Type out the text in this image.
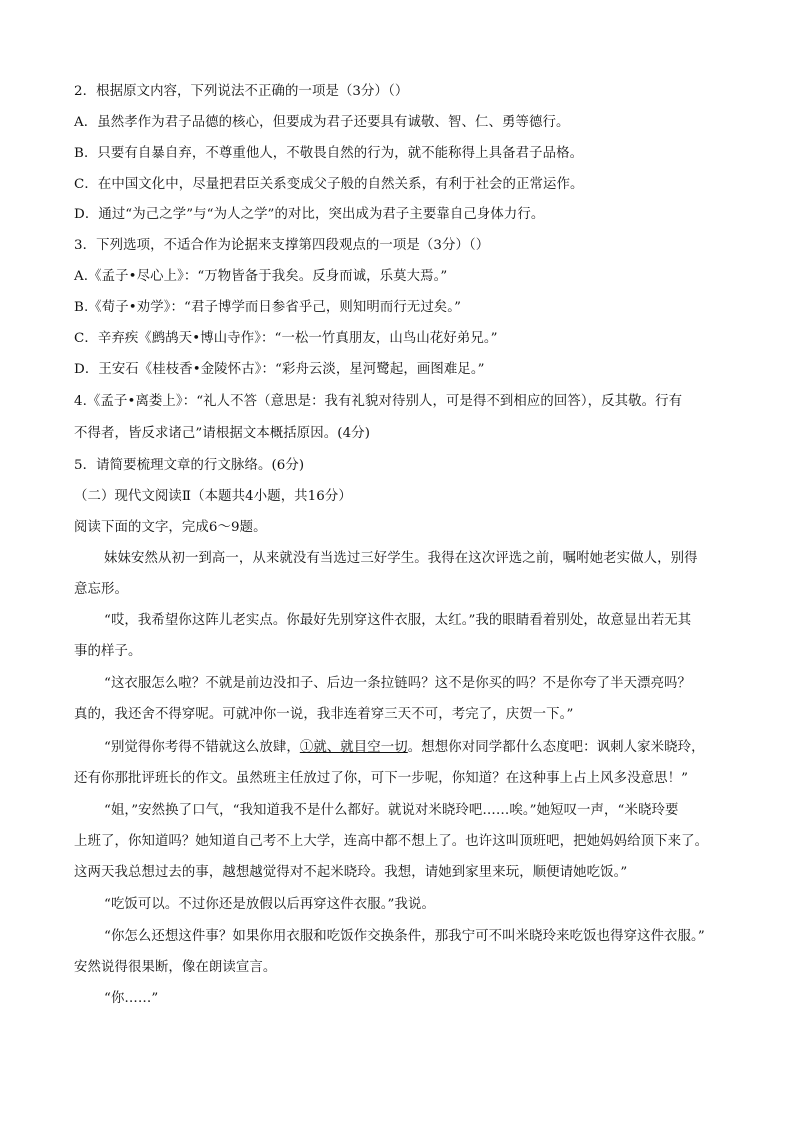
2．根据原文内容，下列说法不正确的一项是（3分）（）
A．虽然孝作为君子品德的核心，但要成为君子还要具有诚敬、智、仁、勇等德行。
B．只要有自暴自弃，不尊重他人，不敬畏自然的行为，就不能称得上具备君子品格。
C．在中国文化中，尽量把君臣关系变成父子般的自然关系，有利于社会的正常运作。
D．通过“为己之学”与“为人之学”的对比，突出成为君子主要靠自己身体力行。
3．下列选项，不适合作为论据来支撑第四段观点的一项是（3分）（）
A.《孟子•尽心上》：“万物皆备于我矣。反身而诚，乐莫大焉。”
B.《荀子•劝学》：“君子博学而日参省乎己，则知明而行无过矣。”
C．辛弃疾《鹧鸪天•博山寺作》：“一松一竹真朋友，山鸟山花好弟兄。”
D．王安石《桂枝香•金陵怀古》：“彩舟云淡，星河鹭起，画图难足。”
4.《孟子•离娄上》：“礼人不答（意思是：我有礼貌对待别人，可是得不到相应的回答），反其敬。行有
不得者，皆反求诸己”请根据文本概括原因。(4分)
5．请简要梳理文章的行文脉络。(6分)
（二）现代文阅读Ⅱ（本题共4小题，共16分）
阅读下面的文字，完成6～9题。
妹妹安然从初一到高一，从来就没有当选过三好学生。我得在这次评选之前，嘱咐她老实做人，别得
意忘形。
“哎，我希望你这阵儿老实点。你最好先别穿这件衣服，太红。”我的眼睛看着别处，故意显出若无其
事的样子。
“这衣服怎么啦？不就是前边没扣子、后边一条拉链吗？这不是你买的吗？不是你夸了半天漂亮吗？
真的，我还舍不得穿呢。可就冲你一说，我非连着穿三天不可，考完了，庆贺一下。”
“别觉得你考得不错就这么放肆，①就、就目空一切。想想你对同学都什么态度吧：讽刺人家米晓玲，
还有你那批评班长的作文。虽然班主任放过了你，可下一步呢，你知道？在这种事上占上风多没意思！”
“姐，”安然换了口气，“我知道我不是什么都好。就说对米晓玲吧……唉。”她短叹一声，“米晓玲要
上班了，你知道吗？她知道自己考不上大学，连高中都不想上了。也许这叫顶班吧，把她妈妈给顶下来了。
这两天我总想过去的事，越想越觉得对不起米晓玲。我想，请她到家里来玩，顺便请她吃饭。”
“吃饭可以。不过你还是放假以后再穿这件衣服。”我说。
“你怎么还想这件事？如果你用衣服和吃饭作交换条件，那我宁可不叫米晓玲来吃饭也得穿这件衣服。”
安然说得很果断，像在朗读宣言。
“你……”
